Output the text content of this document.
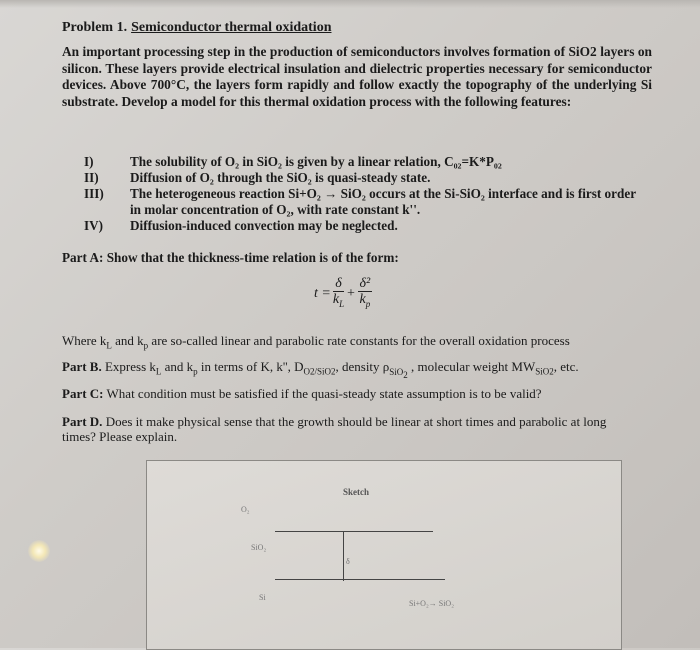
Problem 1. Semiconductor thermal oxidation
An important processing step in the production of semiconductors involves formation of SiO2 layers on silicon. These layers provide electrical insulation and dielectric properties necessary for semiconductor devices. Above 700°C, the layers form rapidly and follow exactly the topography of the underlying Si substrate. Develop a model for this thermal oxidation process with the following features:
I)	The solubility of O₂ in SiO₂ is given by a linear relation, C₀₂=K*P₀₂
II)	Diffusion of O₂ through the SiO₂ is quasi-steady state.
III)	The heterogeneous reaction Si+O₂ → SiO₂ occurs at the Si-SiO₂ interface and is first order in molar concentration of O₂, with rate constant k''.
IV)	Diffusion-induced convection may be neglected.
Part A: Show that the thickness-time relation is of the form:
$t = \frac{\delta}{k_L} + \frac{\text{δ²}}{k_p}$
Where $k_L$ and $k_p$ are so-called linear and parabolic rate constants for the overall oxidation process
Part B. Express $k_L$ and $k_p$ in terms of K, k'', $D_{O2/SiO2}$, density $\rho_{SiO_2}$ , molecular weight $MW_{SiO2}$, etc.
Part C: What condition must be satisfied if the quasi-steady state assumption is to be valid?
Part D. Does it make physical sense that the growth should be linear at short times and parabolic at long times? Please explain.
Sketch
O₂
SiO₂
Si
δ
Si+O₂→ SiO₂
